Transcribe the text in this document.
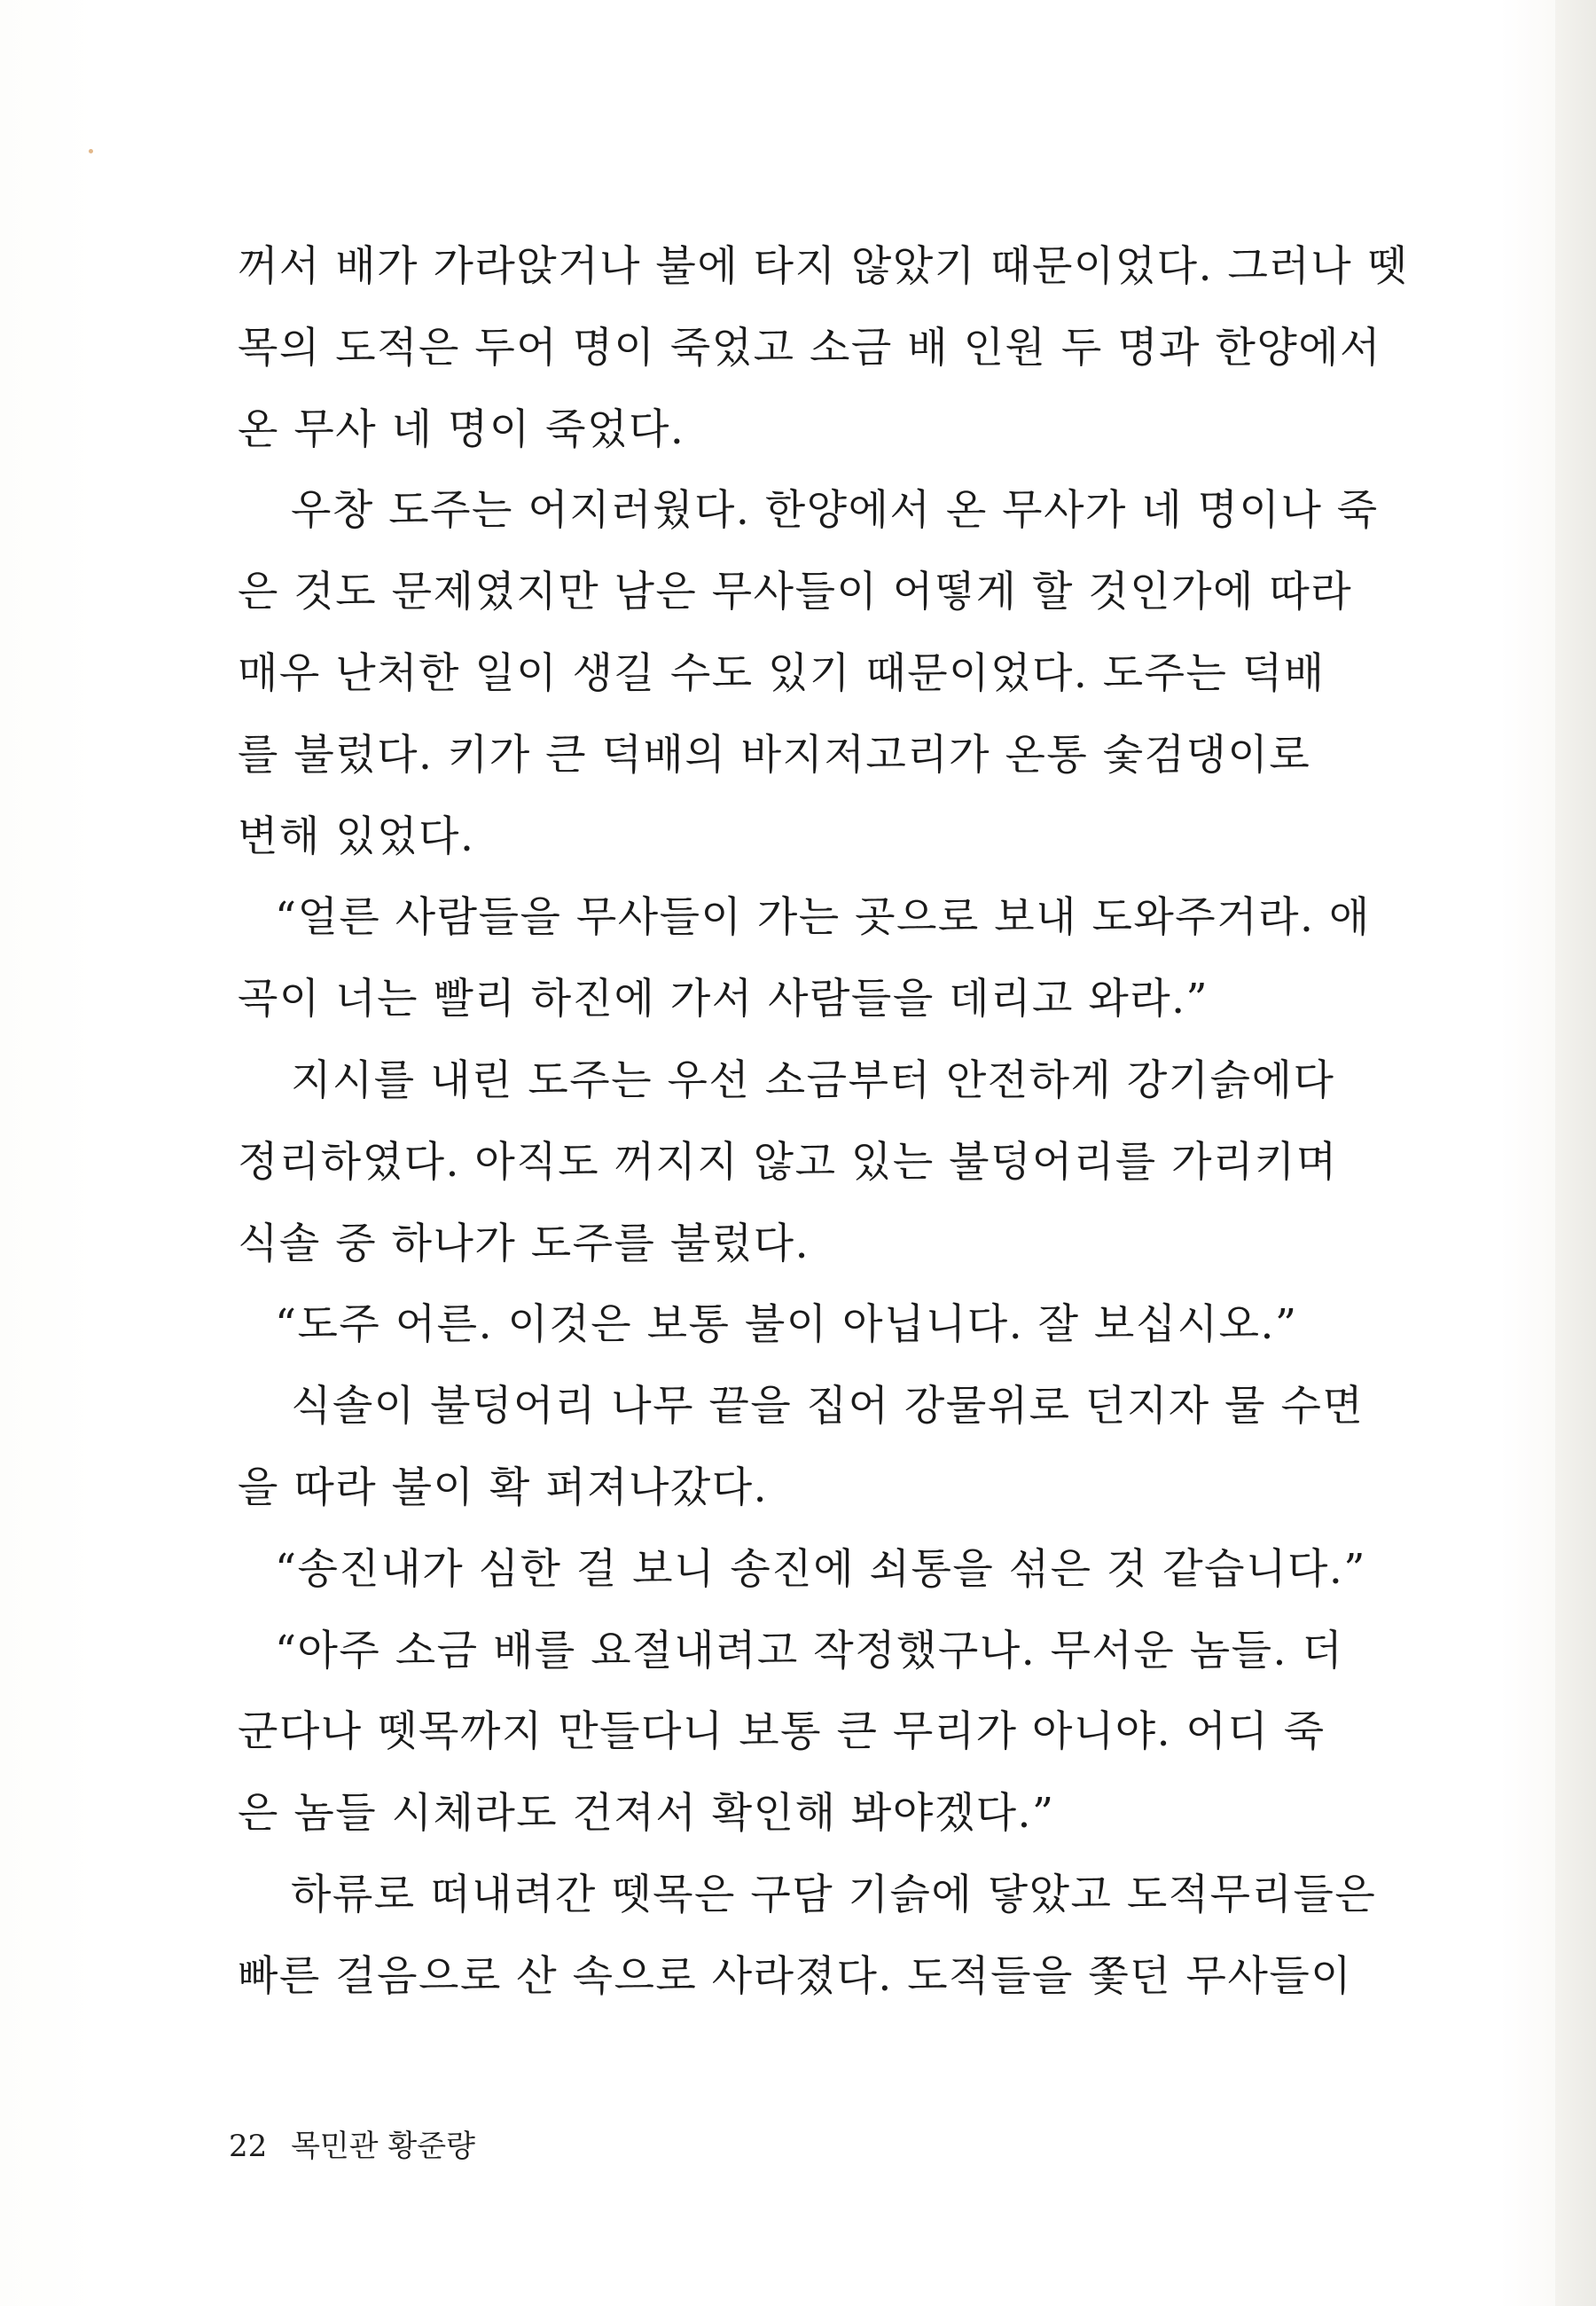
꺼서 배가 가라앉거나 불에 타지 않았기 때문이었다. 그러나 뗏
목의 도적은 두어 명이 죽었고 소금 배 인원 두 명과 한양에서
온 무사 네 명이 죽었다.
우창 도주는 어지러웠다. 한양에서 온 무사가 네 명이나 죽
은 것도 문제였지만 남은 무사들이 어떻게 할 것인가에 따라
매우 난처한 일이 생길 수도 있기 때문이었다. 도주는 덕배
를 불렀다. 키가 큰 덕배의 바지저고리가 온통 숯검댕이로
변해 있었다.
“얼른 사람들을 무사들이 가는 곳으로 보내 도와주거라. 애
곡이 너는 빨리 하진에 가서 사람들을 데리고 와라.”
지시를 내린 도주는 우선 소금부터 안전하게 강기슭에다
정리하였다. 아직도 꺼지지 않고 있는 불덩어리를 가리키며
식솔 중 하나가 도주를 불렀다.
“도주 어른. 이것은 보통 불이 아닙니다. 잘 보십시오.”
식솔이 불덩어리 나무 끝을 집어 강물위로 던지자 물 수면
을 따라 불이 확 퍼져나갔다.
“송진내가 심한 걸 보니 송진에 쇠통을 섞은 것 같습니다.”
“아주 소금 배를 요절내려고 작정했구나. 무서운 놈들. 더
군다나 뗏목까지 만들다니 보통 큰 무리가 아니야. 어디 죽
은 놈들 시체라도 건져서 확인해 봐야겠다.”
하류로 떠내려간 뗏목은 구담 기슭에 닿았고 도적무리들은
빠른 걸음으로 산 속으로 사라졌다. 도적들을 쫓던 무사들이
22 목민관 황준량
